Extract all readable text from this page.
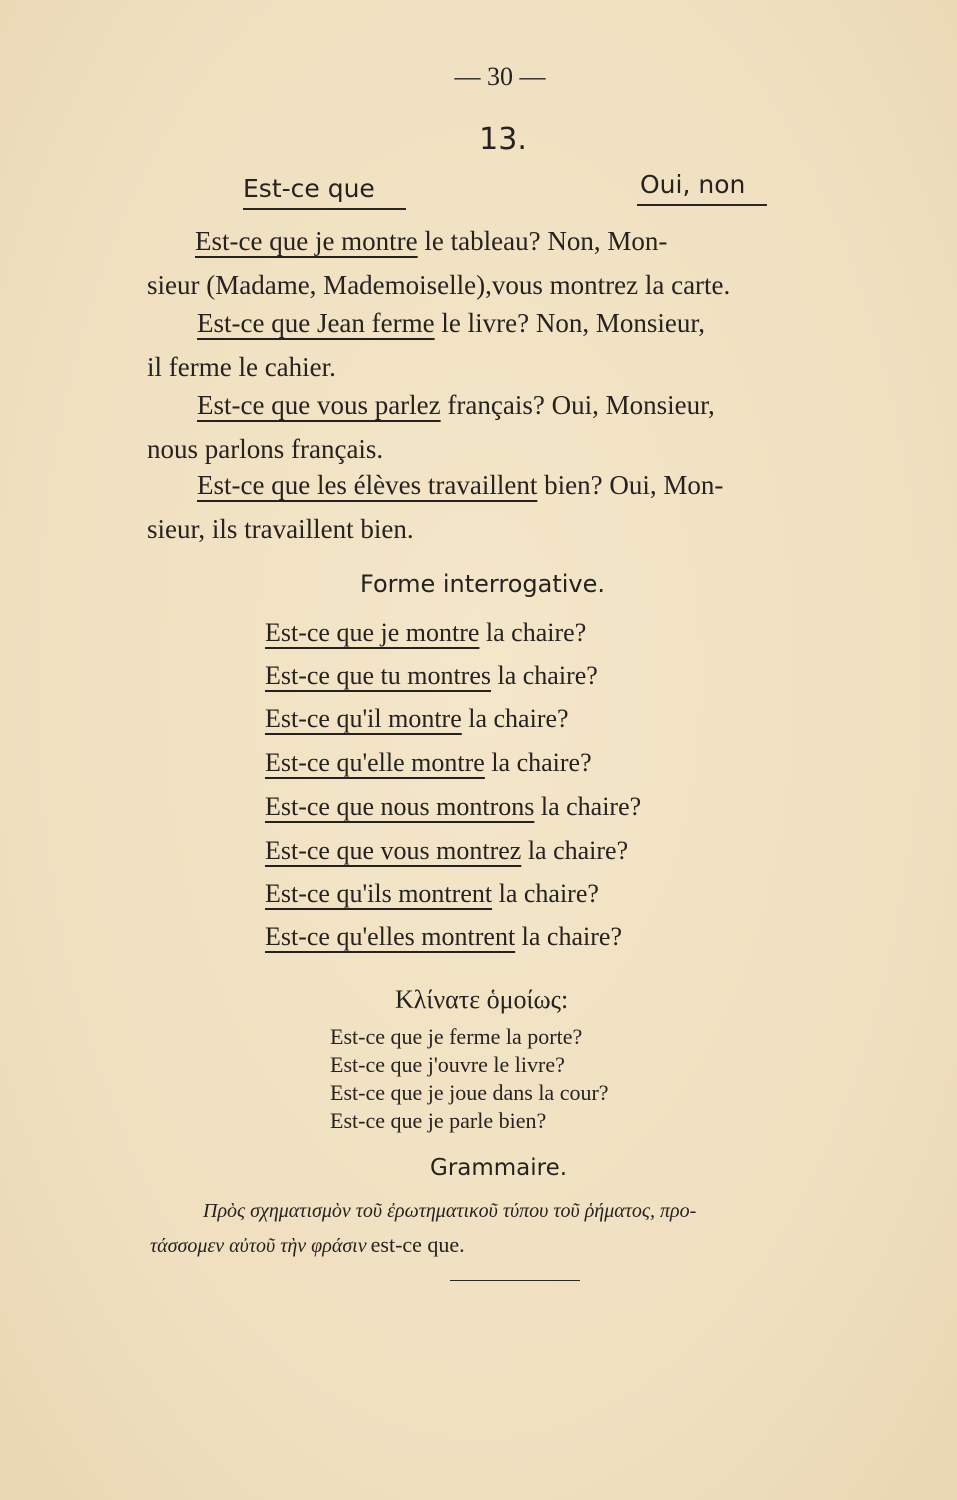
— 30 —
13.
Est-ce que	Oui, non
Est-ce que je montre le tableau? Non, Mon-
sieur (Madame, Mademoiselle),vous montrez la carte.
Est-ce que Jean ferme le livre? Non, Monsieur,
il ferme le cahier.
Est-ce que vous parlez français? Oui, Monsieur,
nous parlons français.
Est-ce que les élèves travaillent bien? Oui, Mon-
sieur, ils travaillent bien.
Forme interrogative.
Est-ce que je montre la chaire?
Est-ce que tu montres la chaire?
Est-ce qu'il montre la chaire?
Est-ce qu'elle montre la chaire?
Est-ce que nous montrons la chaire?
Est-ce que vous montrez la chaire?
Est-ce qu'ils montrent la chaire?
Est-ce qu'elles montrent la chaire?
Κλίνατε ὁμοίως:
Est-ce que je ferme la porte?
Est-ce que j'ouvre le livre?
Est-ce que je joue dans la cour?
Est-ce que je parle bien?
Grammaire.
Πρὸς σχηματισμὸν τοῦ ἐρωτηματικοῦ τύπου τοῦ ῥήματος, προ-
τάσσομεν αὐτοῦ τὴν φράσιν est-ce que.
